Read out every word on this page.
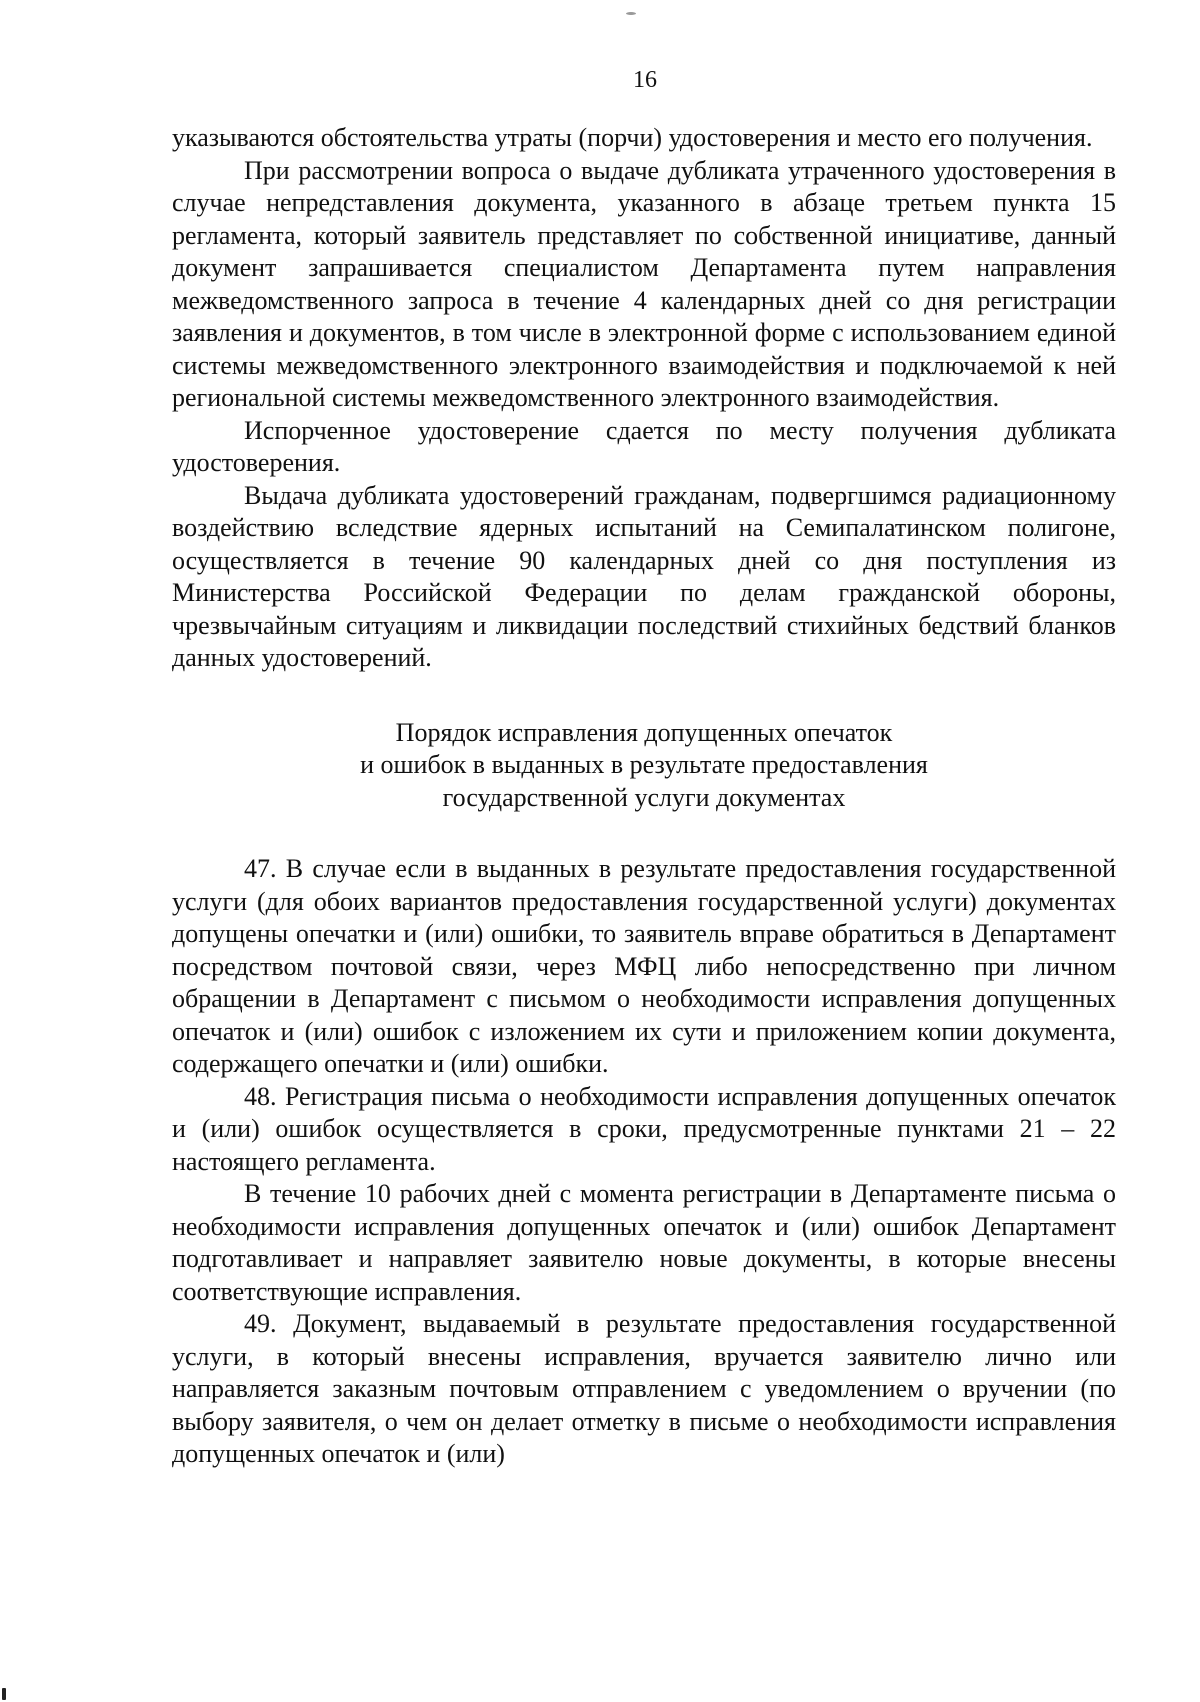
16

указываются обстоятельства утраты (порчи) удостоверения и место его получения.

При рассмотрении вопроса о выдаче дубликата утраченного удостоверения в случае непредставления документа, указанного в абзаце третьем пункта 15 регламента, который заявитель представляет по собственной инициативе, данный документ запрашивается специалистом Департамента путем направления межведомственного запроса в течение 4 календарных дней со дня регистрации заявления и документов, в том числе в электронной форме с использованием единой системы межведомственного электронного взаимодействия и подключаемой к ней региональной системы межведомственного электронного взаимодействия.

Испорченное удостоверение сдается по месту получения дубликата удостоверения.

Выдача дубликата удостоверений гражданам, подвергшимся радиационному воздействию вследствие ядерных испытаний на Семипалатинском полигоне, осуществляется в течение 90 календарных дней со дня поступления из Министерства Российской Федерации по делам гражданской обороны, чрезвычайным ситуациям и ликвидации последствий стихийных бедствий бланков данных удостоверений.

Порядок исправления допущенных опечаток
и ошибок в выданных в результате предоставления
государственной услуги документах

47. В случае если в выданных в результате предоставления государственной услуги (для обоих вариантов предоставления государственной услуги) документах допущены опечатки и (или) ошибки, то заявитель вправе обратиться в Департамент посредством почтовой связи, через МФЦ либо непосредственно при личном обращении в Департамент с письмом о необходимости исправления допущенных опечаток и (или) ошибок с изложением их сути и приложением копии документа, содержащего опечатки и (или) ошибки.

48. Регистрация письма о необходимости исправления допущенных опечаток и (или) ошибок осуществляется в сроки, предусмотренные пунктами 21 – 22 настоящего регламента.

В течение 10 рабочих дней с момента регистрации в Департаменте письма о необходимости исправления допущенных опечаток и (или) ошибок Департамент подготавливает и направляет заявителю новые документы, в которые внесены соответствующие исправления.

49. Документ, выдаваемый в результате предоставления государственной услуги, в который внесены исправления, вручается заявителю лично или направляется заказным почтовым отправлением с уведомлением о вручении (по выбору заявителя, о чем он делает отметку в письме о необходимости исправления допущенных опечаток и (или)
